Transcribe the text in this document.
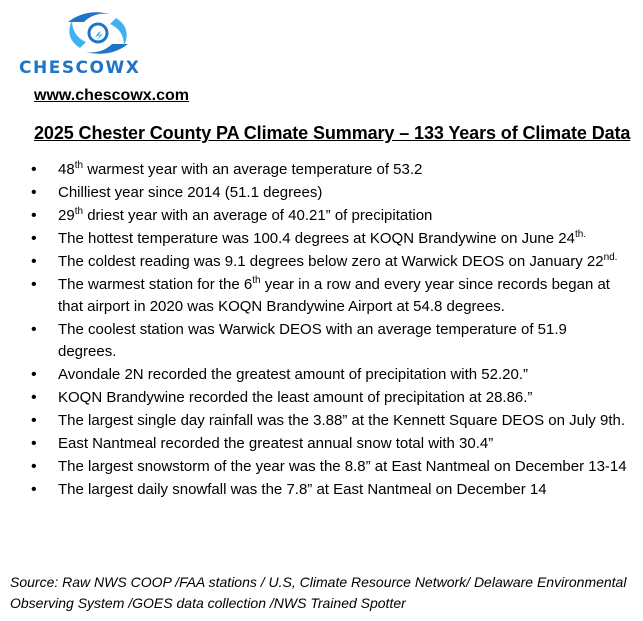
CHESCOWX
www.chescowx.com
2025 Chester County PA Climate Summary – 133 Years of Climate Data
• 48th warmest year with an average temperature of 53.2
• Chilliest year since 2014 (51.1 degrees)
• 29th driest year with an average of 40.21” of precipitation
• The hottest temperature was 100.4 degrees at KOQN Brandywine on June $24^{th.}$
• The coldest reading was 9.1 degrees below zero at Warwick DEOS on January $22^{nd.}$
• The warmest station for the 6th year in a row and every year since records began at that airport in 2020 was KOQN Brandywine Airport at 54.8 degrees.
• The coolest station was Warwick DEOS with an average temperature of 51.9 degrees.
• Avondale 2N recorded the greatest amount of precipitation with 52.20.”
• KOQN Brandywine recorded the least amount of precipitation at 28.86.”
• The largest single day rainfall was the 3.88” at the Kennett Square DEOS on July 9th.
• East Nantmeal recorded the greatest annual snow total with 30.4”
• The largest snowstorm of the year was the 8.8” at East Nantmeal on December 13-14
• The largest daily snowfall was the 7.8” at East Nantmeal on December 14
Source: Raw NWS COOP /FAA stations / U.S, Climate Resource Network/ Delaware Environmental Observing System /GOES data collection /NWS Trained Spotter
